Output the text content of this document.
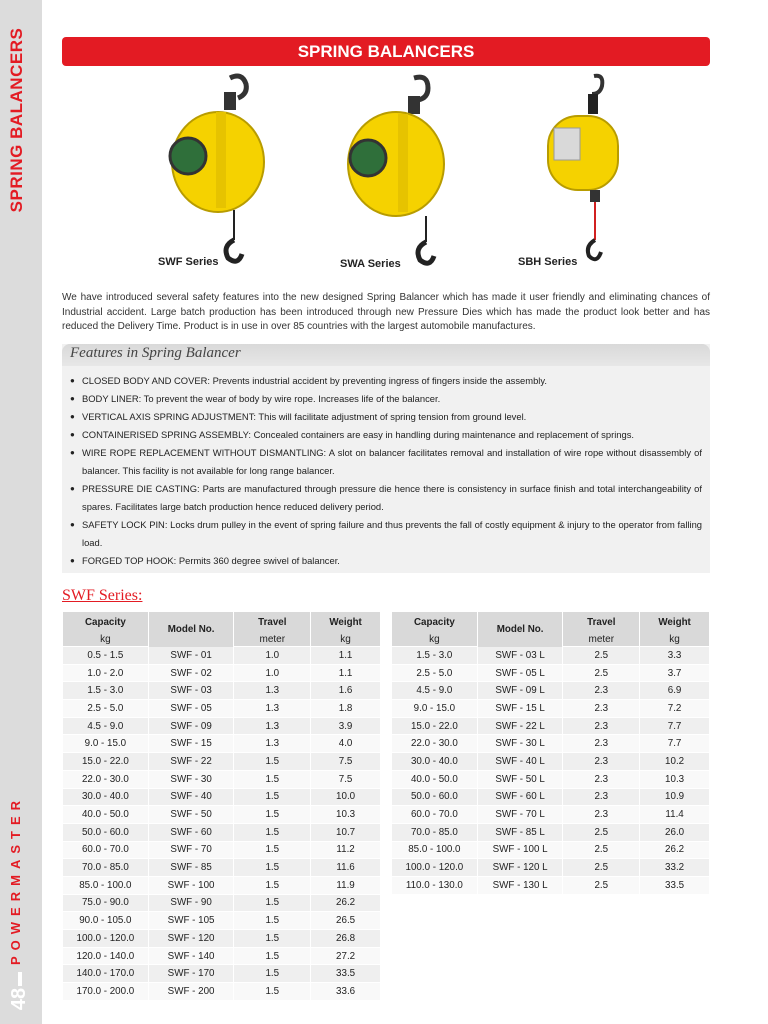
SPRING BALANCERS
POWERMASTER
48
SPRING BALANCERS
SWF Series	SWA Series	SBH Series
We have introduced several safety features into the new designed Spring Balancer which has made it user friendly and eliminating chances of Industrial accident. Large batch production has been introduced through new Pressure Dies which has made the product look better and has reduced the Delivery Time. Product is in use in over 85 countries with the largest automobile manufactures.
Features in Spring Balancer
● CLOSED BODY AND COVER: Prevents industrial accident by preventing ingress of fingers inside the assembly.
● BODY LINER: To prevent the wear of body by wire rope. Increases life of the balancer.
● VERTICAL AXIS SPRING ADJUSTMENT: This will facilitate adjustment of spring tension from ground level.
● CONTAINERISED SPRING ASSEMBLY: Concealed containers are easy in handling during maintenance and replacement of springs.
● WIRE ROPE REPLACEMENT WITHOUT DISMANTLING: A slot on balancer facilitates removal and installation of wire rope without disassembly of balancer. This facility is not available for long range balancer.
● PRESSURE DIE CASTING: Parts are manufactured through pressure die hence there is consistency in surface finish and total interchangeability of spares. Facilitates large batch production hence reduced delivery period.
● SAFETY LOCK PIN: Locks drum pulley in the event of spring failure and thus prevents the fall of costly equipment & injury to the operator from falling load.
● FORGED TOP HOOK: Permits 360 degree swivel of balancer.
SWF Series:
Capacity	Model No.	Travel	Weight
kg		meter	kg
0.5 - 1.5	SWF - 01	1.0	1.1
1.0 - 2.0	SWF - 02	1.0	1.1
1.5 - 3.0	SWF - 03	1.3	1.6
2.5 - 5.0	SWF - 05	1.3	1.8
4.5 - 9.0	SWF - 09	1.3	3.9
9.0 - 15.0	SWF - 15	1.3	4.0
15.0 - 22.0	SWF - 22	1.5	7.5
22.0 - 30.0	SWF - 30	1.5	7.5
30.0 - 40.0	SWF - 40	1.5	10.0
40.0 - 50.0	SWF - 50	1.5	10.3
50.0 - 60.0	SWF - 60	1.5	10.7
60.0 - 70.0	SWF - 70	1.5	11.2
70.0 - 85.0	SWF - 85	1.5	11.6
85.0 - 100.0	SWF - 100	1.5	11.9
75.0 - 90.0	SWF - 90	1.5	26.2
90.0 - 105.0	SWF - 105	1.5	26.5
100.0 - 120.0	SWF - 120	1.5	26.8
120.0 - 140.0	SWF - 140	1.5	27.2
140.0 - 170.0	SWF - 170	1.5	33.5
170.0 - 200.0	SWF - 200	1.5	33.6
Capacity	Model No.	Travel	Weight
kg		meter	kg
1.5 - 3.0	SWF - 03 L	2.5	3.3
2.5 - 5.0	SWF - 05 L	2.5	3.7
4.5 - 9.0	SWF - 09 L	2.3	6.9
9.0 - 15.0	SWF - 15 L	2.3	7.2
15.0 - 22.0	SWF - 22 L	2.3	7.7
22.0 - 30.0	SWF - 30 L	2.3	7.7
30.0 - 40.0	SWF - 40 L	2.3	10.2
40.0 - 50.0	SWF - 50 L	2.3	10.3
50.0 - 60.0	SWF - 60 L	2.3	10.9
60.0 - 70.0	SWF - 70 L	2.3	11.4
70.0 - 85.0	SWF - 85 L	2.5	26.0
85.0 - 100.0	SWF - 100 L	2.5	26.2
100.0 - 120.0	SWF - 120 L	2.5	33.2
110.0 - 130.0	SWF - 130 L	2.5	33.5
